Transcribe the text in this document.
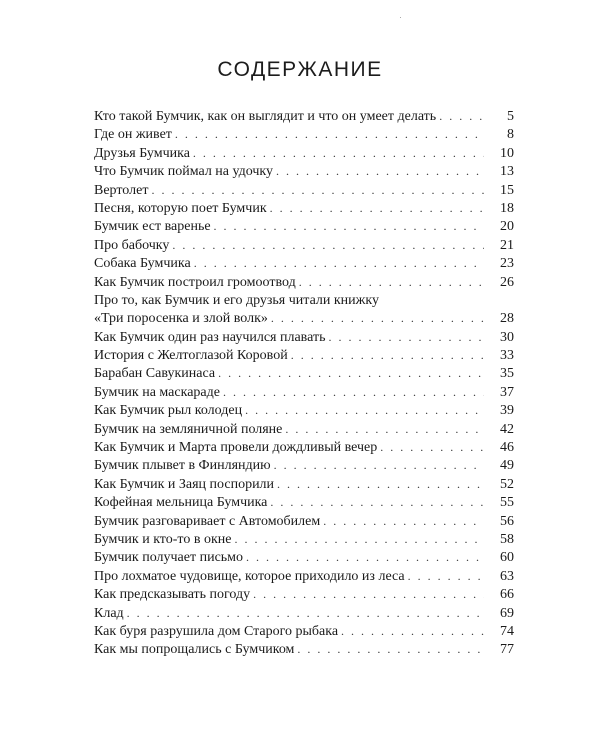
СОДЕРЖАНИЕ
Кто такой Бумчик, как он выглядит и что он умеет делать . . .	5
Где он живет . . .	8
Друзья Бумчика . . .	10
Что Бумчик поймал на удочку . . .	13
Вертолет . . .	15
Песня, которую поет Бумчик . . .	18
Бумчик ест варенье . . .	20
Про бабочку . . .	21
Собака Бумчика . . .	23
Как Бумчик построил громоотвод . . .	26
Про то, как Бумчик и его друзья читали книжку
«Три поросенка и злой волк» . . .	28
Как Бумчик один раз научился плавать . . .	30
История с Желтоглазой Коровой . . .	33
Барабан Савукинаса . . .	35
Бумчик на маскараде . . .	37
Как Бумчик рыл колодец . . .	39
Бумчик на земляничной поляне . . .	42
Как Бумчик и Марта провели дождливый вечер . . .	46
Бумчик плывет в Финляндию . . .	49
Как Бумчик и Заяц поспорили . . .	52
Кофейная мельница Бумчика . . .	55
Бумчик разговаривает с Автомобилем . . .	56
Бумчик и кто-то в окне . . .	58
Бумчик получает письмо . . .	60
Про лохматое чудовище, которое приходило из леса . . .	63
Как предсказывать погоду . . .	66
Клад . . .	69
Как буря разрушила дом Старого рыбака . . .	74
Как мы попрощались с Бумчиком . . .	77
